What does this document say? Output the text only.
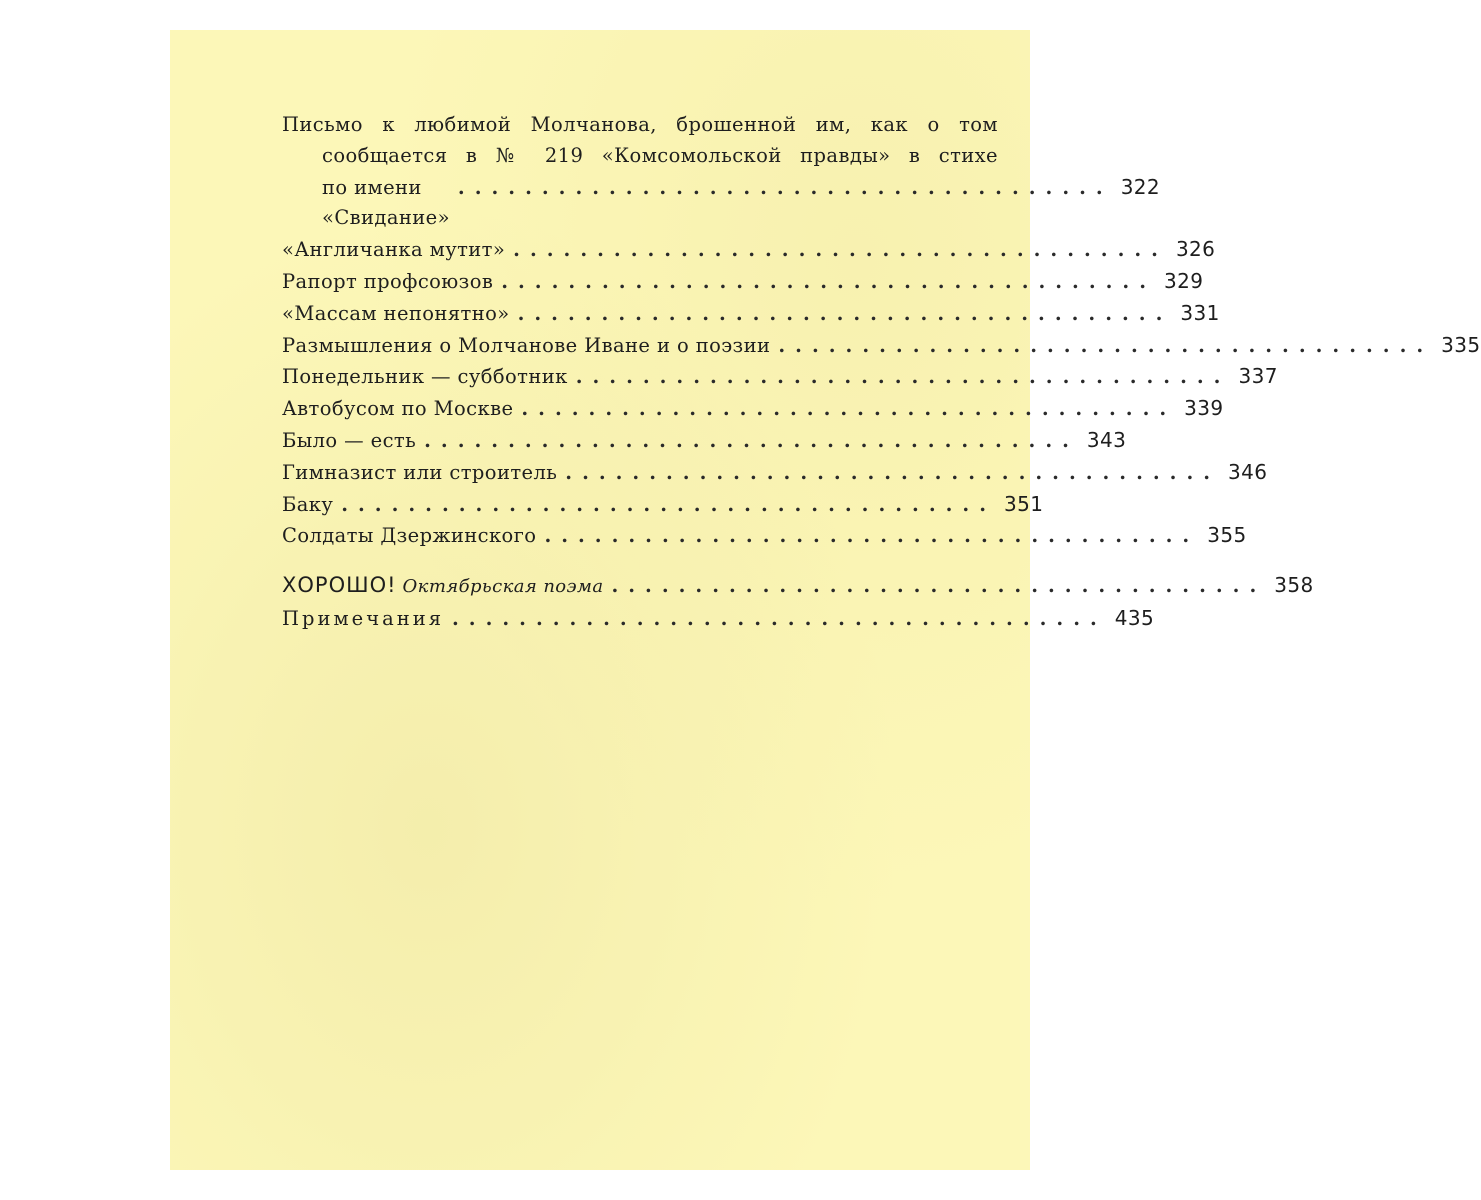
Письмо к любимой Молчанова, брошенной им, как о том
сообщается в № 219 «Комсомольской правды» в стихе
по имени «Свидание»
....................................... 322
«Англичанка мутит» ....................................... 326
Рапорт профсоюзов ....................................... 329
«Массам непонятно» ....................................... 331
Размышления о Молчанове Иване и о поэзии ....................................... 335
Понедельник — субботник ....................................... 337
Автобусом по Москве ....................................... 339
Было — есть ....................................... 343
Гимназист или строитель ....................................... 346
Баку ....................................... 351
Солдаты Дзержинского ....................................... 355
ХОРОШО! Октябрьская поэма ....................................... 358
Примечания ....................................... 435
